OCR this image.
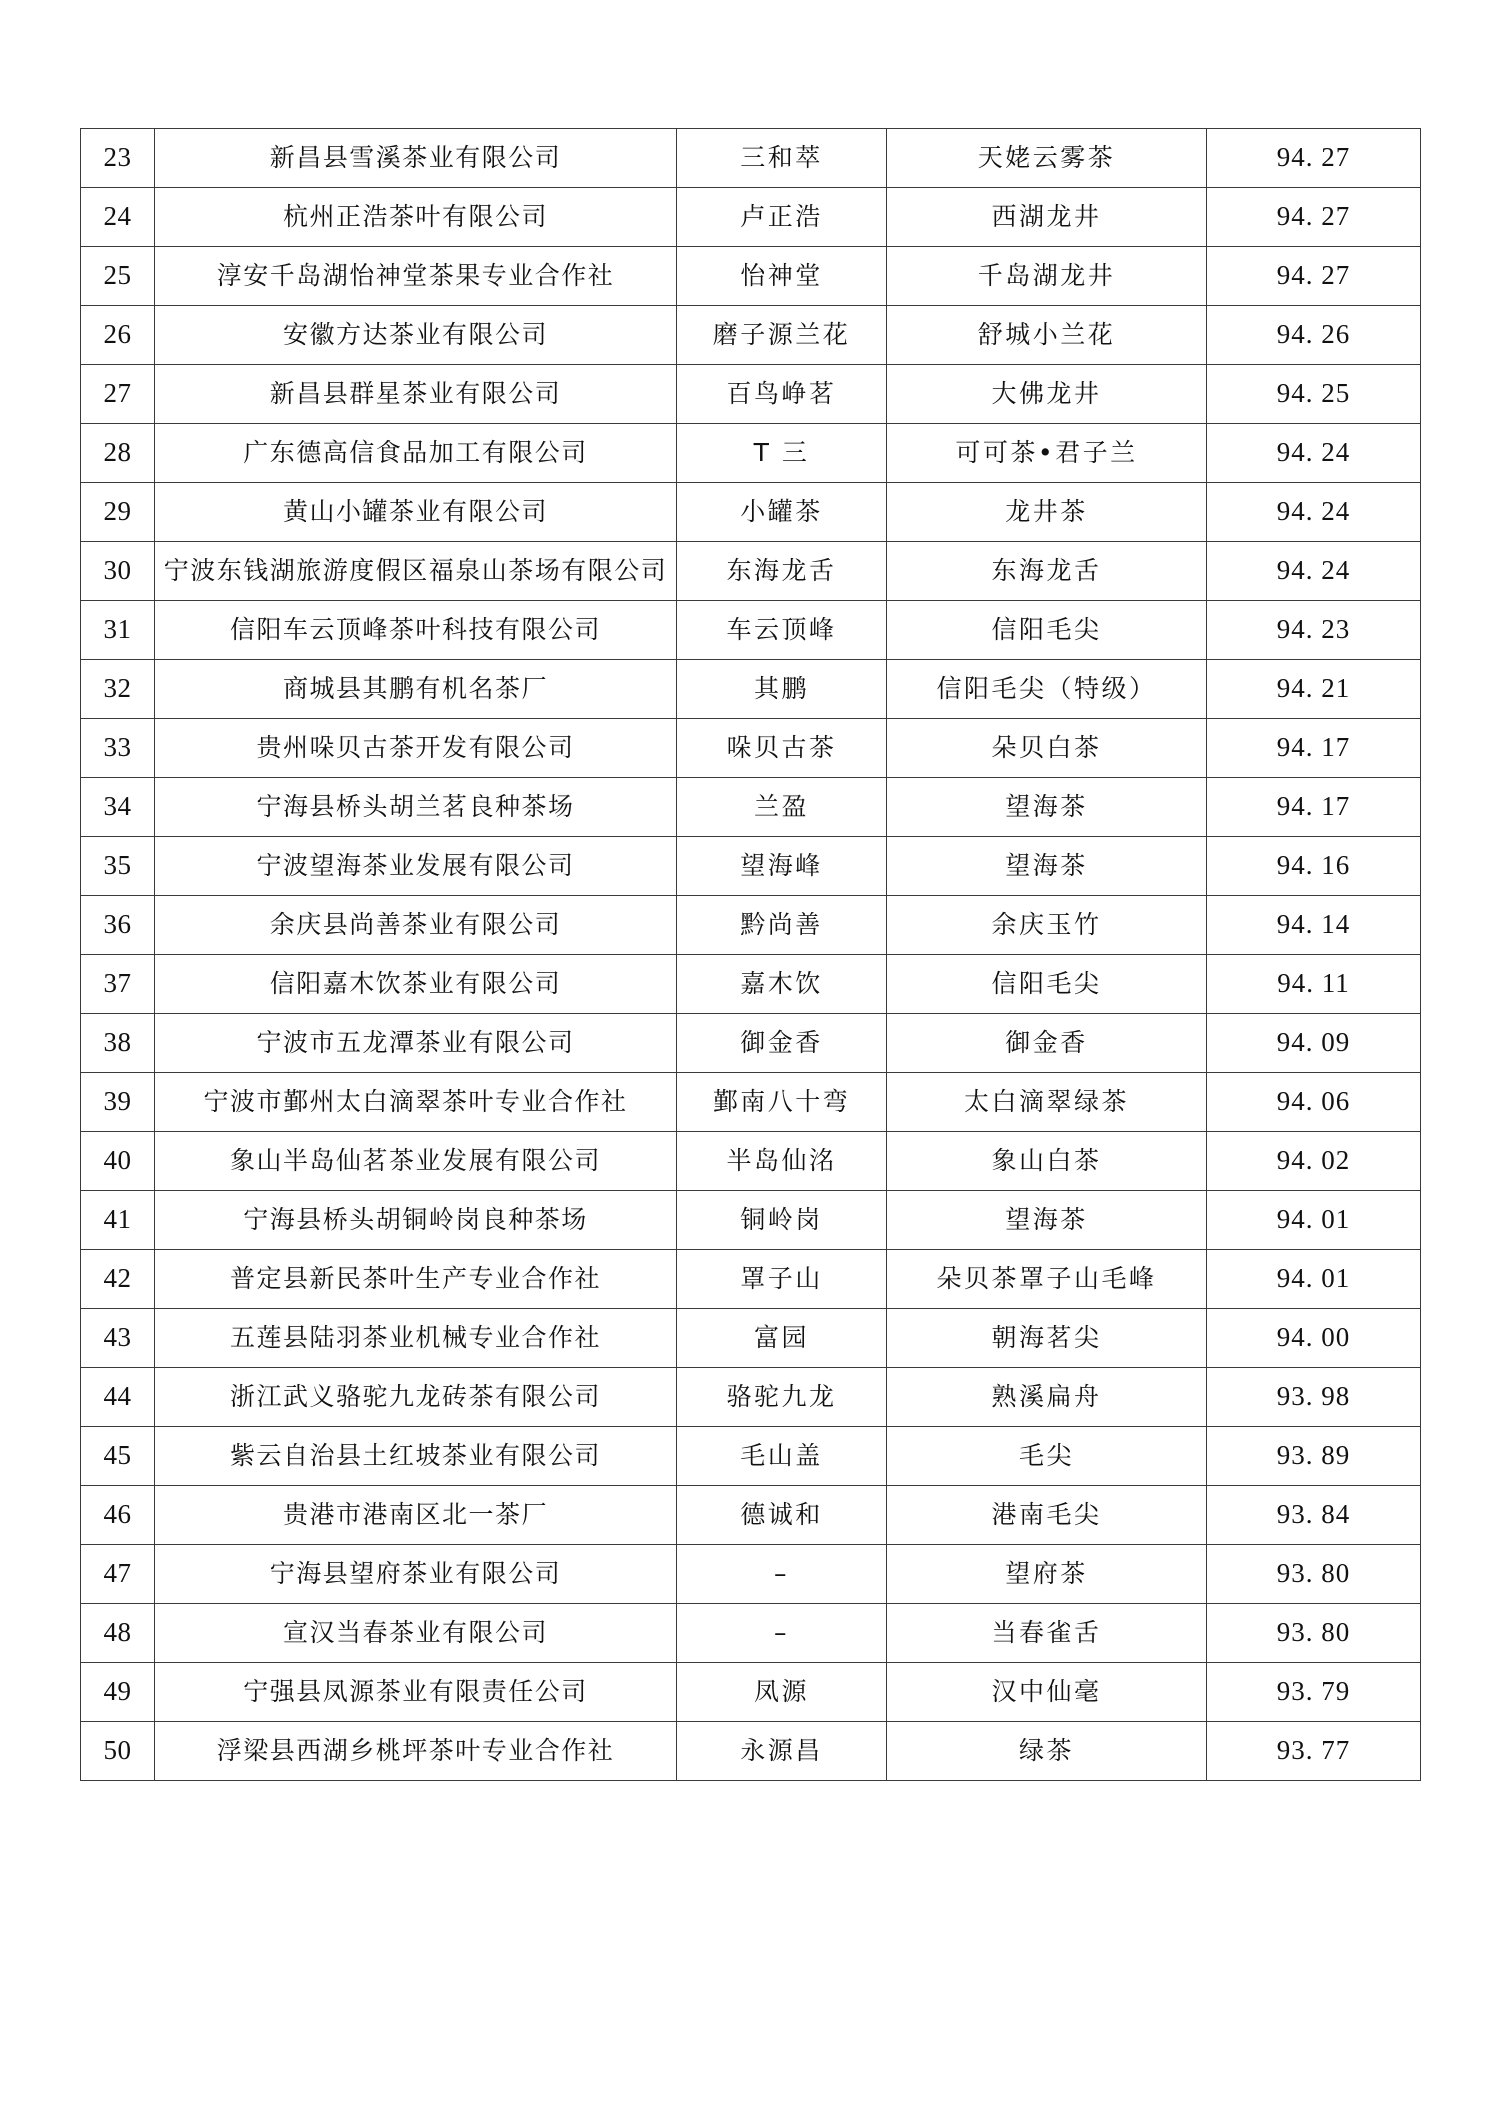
23	新昌县雪溪茶业有限公司	三和萃	天姥云雾茶	94. 27
24	杭州正浩茶叶有限公司	卢正浩	西湖龙井	94. 27
25	淳安千岛湖怡神堂茶果专业合作社	怡神堂	千岛湖龙井	94. 27
26	安徽方达茶业有限公司	磨子源兰花	舒城小兰花	94. 26
27	新昌县群星茶业有限公司	百鸟峥茗	大佛龙井	94. 25
28	广东德高信食品加工有限公司	T 三	可可茶•君子兰	94. 24
29	黄山小罐茶业有限公司	小罐茶	龙井茶	94. 24
30	宁波东钱湖旅游度假区福泉山茶场有限公司	东海龙舌	东海龙舌	94. 24
31	信阳车云顶峰茶叶科技有限公司	车云顶峰	信阳毛尖	94. 23
32	商城县其鹏有机名茶厂	其鹏	信阳毛尖（特级）	94. 21
33	贵州哚贝古茶开发有限公司	哚贝古茶	朵贝白茶	94. 17
34	宁海县桥头胡兰茗良种茶场	兰盈	望海茶	94. 17
35	宁波望海茶业发展有限公司	望海峰	望海茶	94. 16
36	余庆县尚善茶业有限公司	黔尚善	余庆玉竹	94. 14
37	信阳嘉木饮茶业有限公司	嘉木饮	信阳毛尖	94. 11
38	宁波市五龙潭茶业有限公司	御金香	御金香	94. 09
39	宁波市鄞州太白滴翠茶叶专业合作社	鄞南八十弯	太白滴翠绿茶	94. 06
40	象山半岛仙茗茶业发展有限公司	半岛仙洺	象山白茶	94. 02
41	宁海县桥头胡铜岭岗良种茶场	铜岭岗	望海茶	94. 01
42	普定县新民茶叶生产专业合作社	罩子山	朵贝茶罩子山毛峰	94. 01
43	五莲县陆羽茶业机械专业合作社	富园	朝海茗尖	94. 00
44	浙江武义骆驼九龙砖茶有限公司	骆驼九龙	熟溪扁舟	93. 98
45	紫云自治县土红坡茶业有限公司	毛山盖	毛尖	93. 89
46	贵港市港南区北一茶厂	德诚和	港南毛尖	93. 84
47	宁海县望府茶业有限公司	–	望府茶	93. 80
48	宣汉当春茶业有限公司	–	当春雀舌	93. 80
49	宁强县凤源茶业有限责任公司	凤源	汉中仙毫	93. 79
50	浮梁县西湖乡桃坪茶叶专业合作社	永源昌	绿茶	93. 77
